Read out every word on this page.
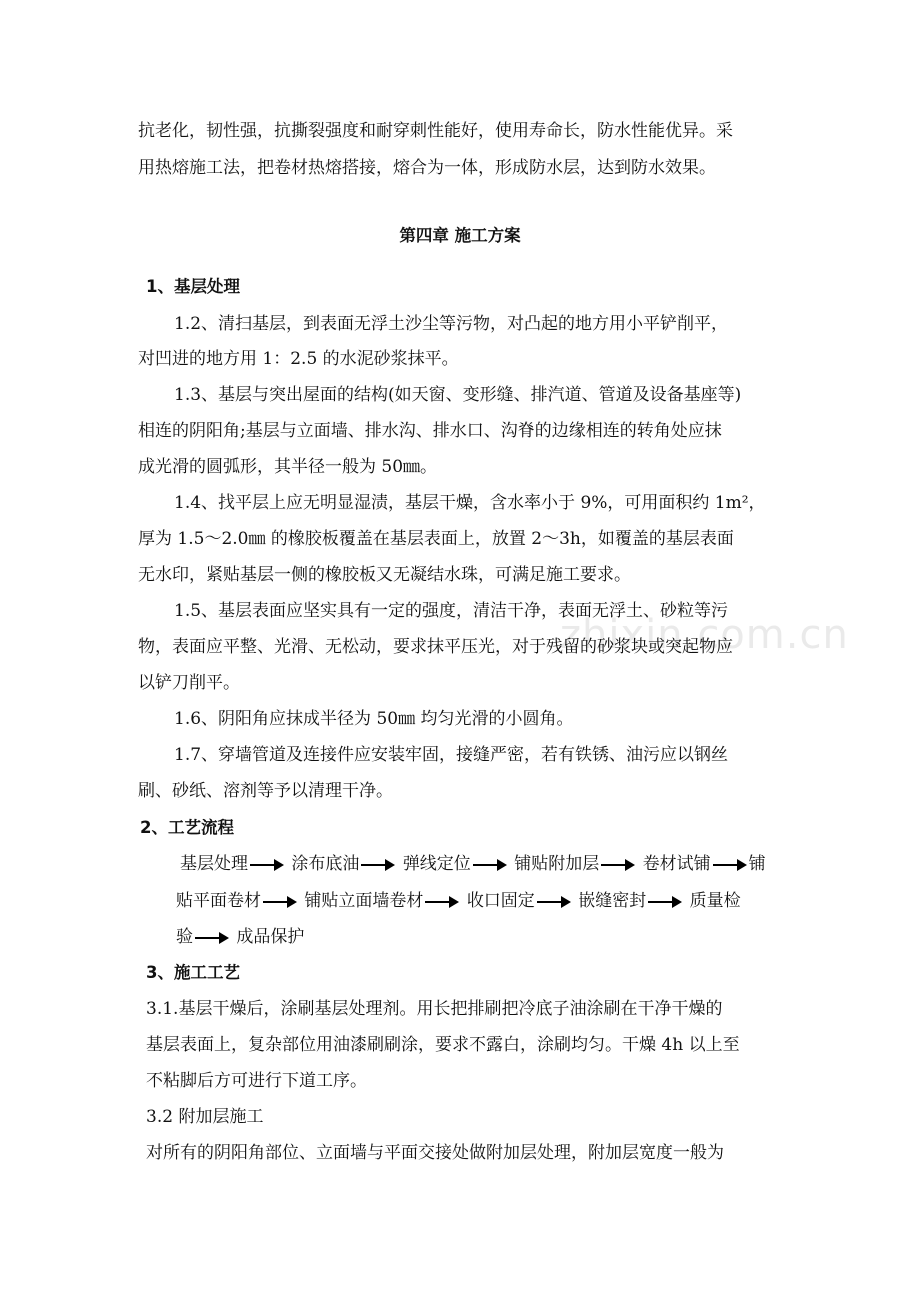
zhixin.com.cn
抗老化，韧性强，抗撕裂强度和耐穿刺性能好，使用寿命长，防水性能优异。采
用热熔施工法，把卷材热熔搭接，熔合为一体，形成防水层，达到防水效果。
第四章 施工方案
1、基层处理
1.2、清扫基层，到表面无浮土沙尘等污物，对凸起的地方用小平铲削平，
对凹进的地方用 1：2.5 的水泥砂浆抹平。
1.3、基层与突出屋面的结构(如天窗、变形缝、排汽道、管道及设备基座等)
相连的阴阳角;基层与立面墙、排水沟、排水口、沟脊的边缘相连的转角处应抹
成光滑的圆弧形，其半径一般为 50㎜。
1.4、找平层上应无明显湿渍，基层干燥，含水率小于 9%，可用面积约 1m²，
厚为 1.5～2.0㎜ 的橡胶板覆盖在基层表面上，放置 2～3h，如覆盖的基层表面
无水印，紧贴基层一侧的橡胶板又无凝结水珠，可满足施工要求。
1.5、基层表面应坚实具有一定的强度，清洁干净，表面无浮土、砂粒等污
物，表面应平整、光滑、无松动，要求抹平压光，对于残留的砂浆块或突起物应
以铲刀削平。
1.6、阴阳角应抹成半径为 50㎜ 均匀光滑的小圆角。
1.7、穿墙管道及连接件应安装牢固，接缝严密，若有铁锈、油污应以钢丝
刷、砂纸、溶剂等予以清理干净。
2、工艺流程
基层处理	涂布底油	弹线定位	铺贴附加层	卷材试铺 铺
贴平面卷材	铺贴立面墙卷材	收口固定	嵌缝密封	质量检
验	成品保护
3、施工工艺
3.1.基层干燥后，涂刷基层处理剂。用长把排刷把冷底子油涂刷在干净干燥的
基层表面上，复杂部位用油漆刷刷涂，要求不露白，涂刷均匀。干燥 4h 以上至
不粘脚后方可进行下道工序。
3.2 附加层施工
对所有的阴阳角部位、立面墙与平面交接处做附加层处理，附加层宽度一般为
